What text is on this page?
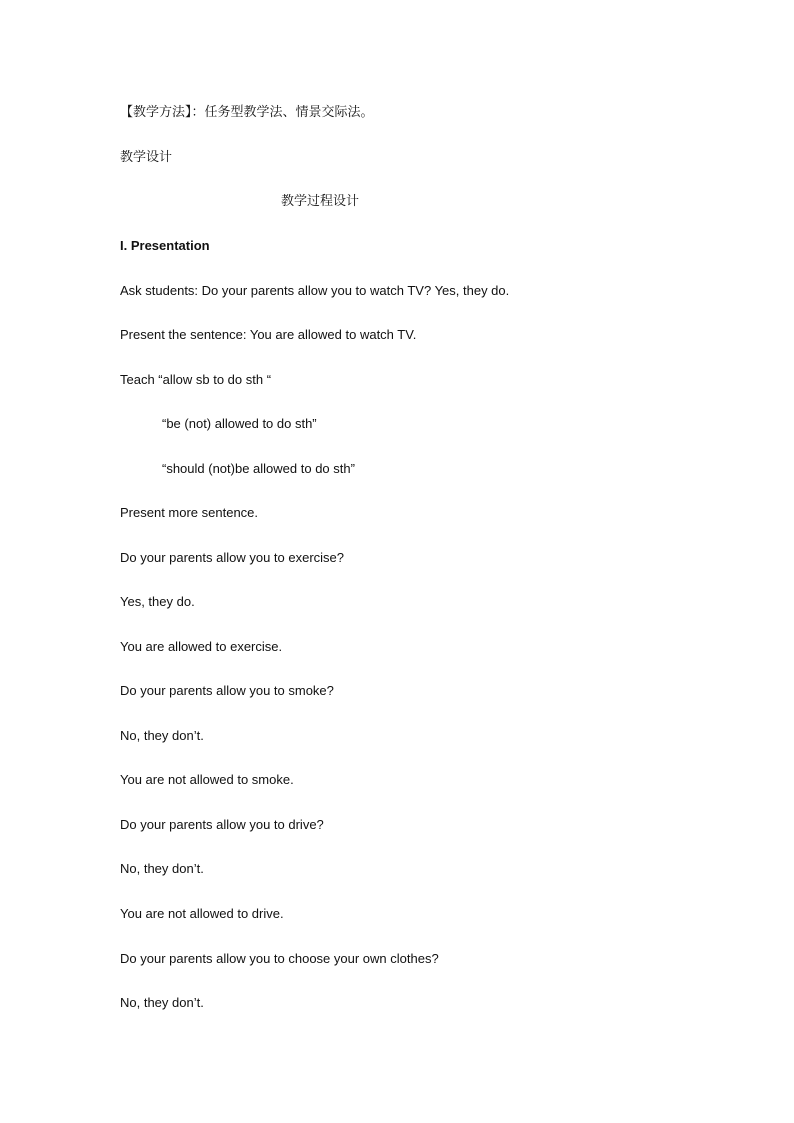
【教学方法】：任务型教学法、情景交际法。
教学设计
教学过程设计
I. Presentation
Ask students: Do your parents allow you to watch TV? Yes, they do.
Present the sentence: You are allowed to watch TV.
Teach “allow sb to do sth “
“be (not) allowed to do sth”
“should (not)be allowed to do sth”
Present more sentence.
Do your parents allow you to exercise?
Yes, they do.
You are allowed to exercise.
Do your parents allow you to smoke?
No, they don’t.
You are not allowed to smoke.
Do your parents allow you to drive?
No, they don’t.
You are not allowed to drive.
Do your parents allow you to choose your own clothes?
No, they don’t.
